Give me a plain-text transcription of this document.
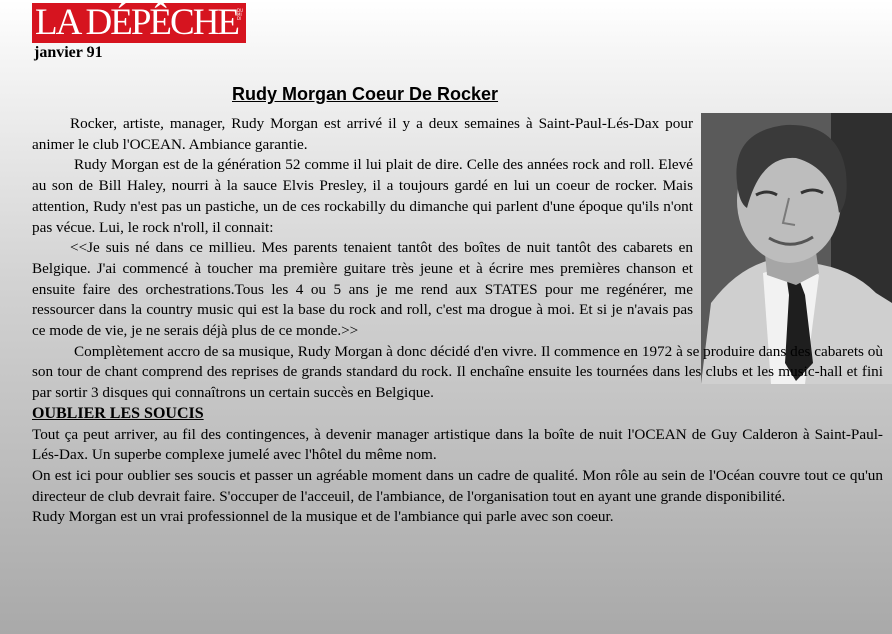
LA DÉPÊCHE
DU MIDI
janvier 91
Rudy Morgan Coeur De Rocker

Rocker, artiste, manager, Rudy Morgan est arrivé il y a deux semaines à Saint-Paul-Lés-Dax pour animer le club l'OCEAN. Ambiance garantie.

Rudy Morgan est de la génération 52 comme il lui plait de dire. Celle des années rock and roll. Elevé au son de Bill Haley, nourri à la sauce Elvis Presley, il a toujours gardé en lui un coeur de rocker. Mais attention, Rudy n'est pas un pastiche, un de ces rockabilly du dimanche qui parlent d'une époque qu'ils n'ont pas vécue. Lui, le rock n'roll, il connait:

<<Je suis né dans ce millieu. Mes parents tenaient tantôt des boîtes de nuit tantôt des cabarets en Belgique. J'ai commencé à toucher ma première guitare très jeune et à écrire mes premières chanson et ensuite faire des orchestrations.Tous les 4 ou 5 ans je me rend aux STATES pour me regénérer, me ressourcer dans la country music qui est la base du rock and roll, c'est ma drogue à moi. Et si je n'avais pas ce mode de vie, je ne serais déjà plus de ce monde.>>

Complètement accro de sa musique, Rudy Morgan à donc décidé d'en vivre. Il commence en 1972 à se produire dans des cabarets où son tour de chant comprend des reprises de grands standard du rock. Il enchaîne ensuite les tournées dans les clubs et les music-hall et fini par sortir 3 disques qui connaîtrons un certain succès en Belgique.

OUBLIER LES SOUCIS

Tout ça peut arriver, au fil des contingences, à devenir manager artistique dans la boîte de nuit l'OCEAN de Guy Calderon à Saint-Paul-Lés-Dax. Un superbe complexe jumelé avec l'hôtel du même nom.

On est ici pour oublier ses soucis et passer un agréable moment dans un cadre de qualité. Mon rôle au sein de l'Océan couvre tout ce qu'un directeur de club devrait faire. S'occuper de l'acceuil, de l'ambiance, de l'organisation tout en ayant une grande disponibilité.

Rudy Morgan est un vrai professionnel de la musique et de l'ambiance qui parle avec son coeur.
